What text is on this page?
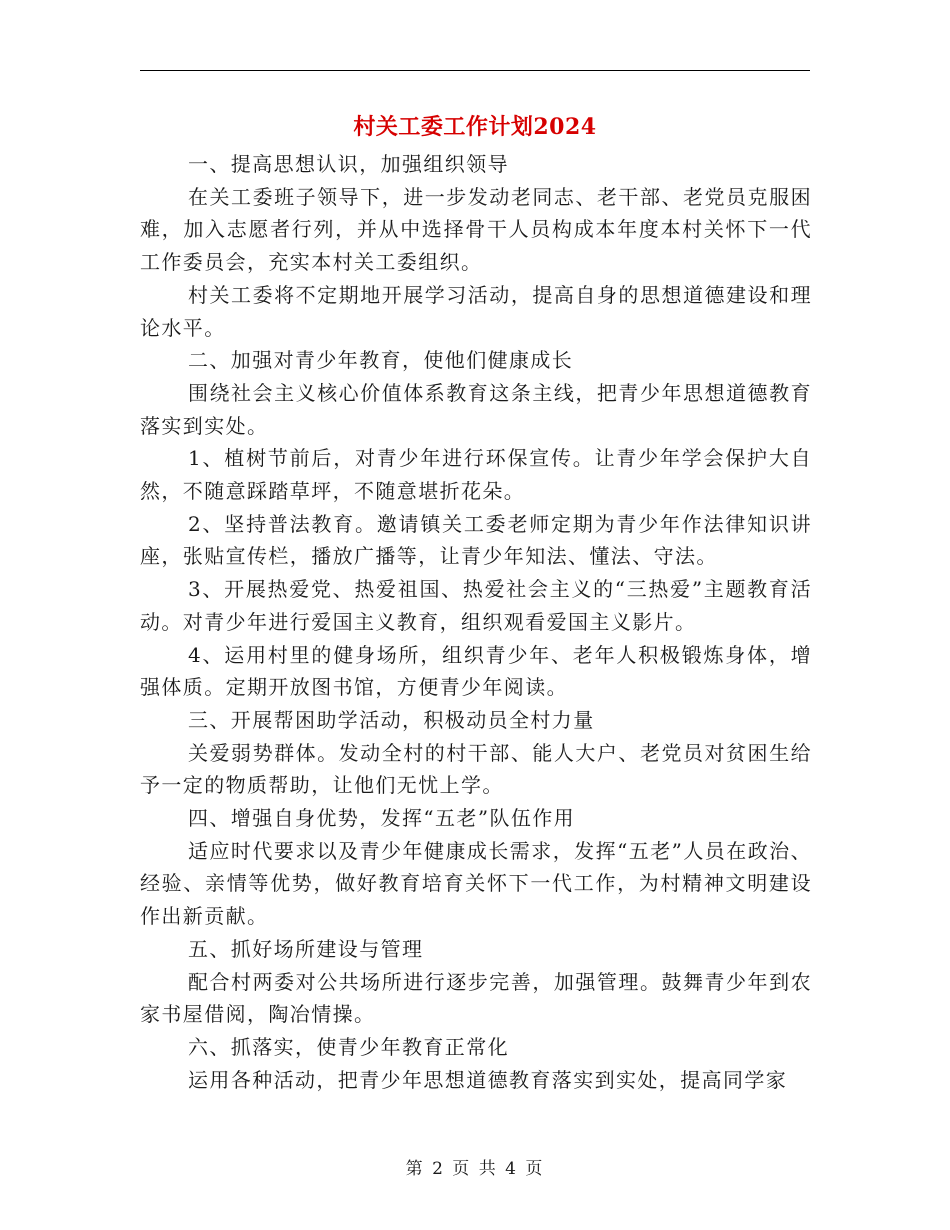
村关工委工作计划2024

一、提高思想认识，加强组织领导

在关工委班子领导下，进一步发动老同志、老干部、老党员克服困难，加入志愿者行列，并从中选择骨干人员构成本年度本村关怀下一代工作委员会，充实本村关工委组织。

村关工委将不定期地开展学习活动，提高自身的思想道德建设和理论水平。

二、加强对青少年教育，使他们健康成长

围绕社会主义核心价值体系教育这条主线，把青少年思想道德教育落实到实处。

1、植树节前后，对青少年进行环保宣传。让青少年学会保护大自然，不随意踩踏草坪，不随意堪折花朵。

2、坚持普法教育。邀请镇关工委老师定期为青少年作法律知识讲座，张贴宣传栏，播放广播等，让青少年知法、懂法、守法。

3、开展热爱党、热爱祖国、热爱社会主义的“三热爱”主题教育活动。对青少年进行爱国主义教育，组织观看爱国主义影片。

4、运用村里的健身场所，组织青少年、老年人积极锻炼身体，增强体质。定期开放图书馆，方便青少年阅读。

三、开展帮困助学活动，积极动员全村力量

关爱弱势群体。发动全村的村干部、能人大户、老党员对贫困生给予一定的物质帮助，让他们无忧上学。

四、增强自身优势，发挥“五老”队伍作用

适应时代要求以及青少年健康成长需求，发挥“五老”人员在政治、经验、亲情等优势，做好教育培育关怀下一代工作，为村精神文明建设作出新贡献。

五、抓好场所建设与管理

配合村两委对公共场所进行逐步完善，加强管理。鼓舞青少年到农家书屋借阅，陶冶情操。

六、抓落实，使青少年教育正常化

运用各种活动，把青少年思想道德教育落实到实处，提高同学家

第 2 页 共 4 页
